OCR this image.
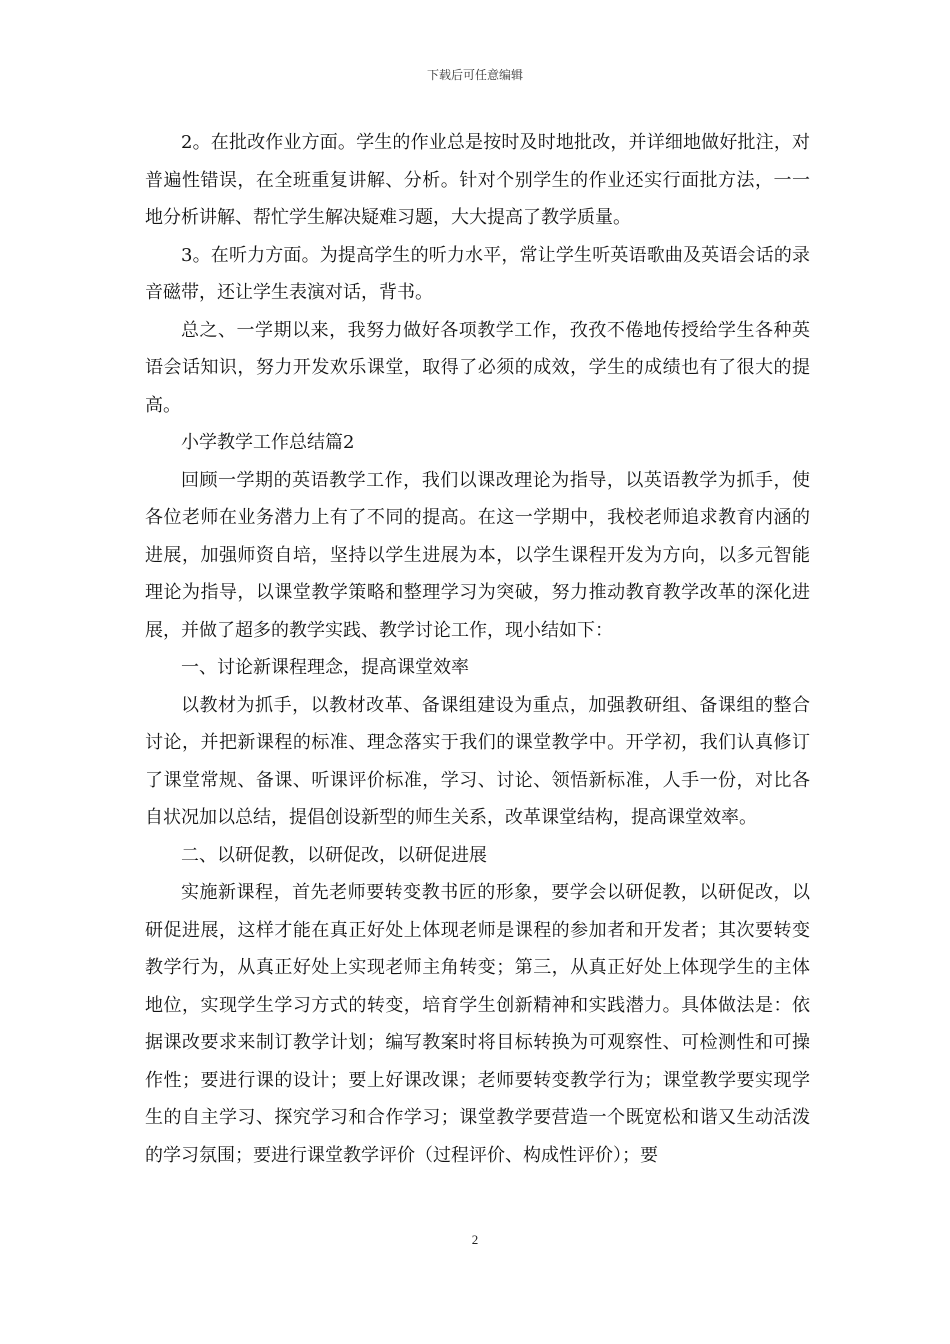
下载后可任意编辑

2。在批改作业方面。学生的作业总是按时及时地批改，并详细地做好批注，对普遍性错误，在全班重复讲解、分析。针对个别学生的作业还实行面批方法，一一地分析讲解、帮忙学生解决疑难习题，大大提高了教学质量。

3。在听力方面。为提高学生的听力水平，常让学生听英语歌曲及英语会话的录音磁带，还让学生表演对话，背书。

总之、一学期以来，我努力做好各项教学工作，孜孜不倦地传授给学生各种英语会话知识，努力开发欢乐课堂，取得了必须的成效，学生的成绩也有了很大的提高。

小学教学工作总结篇2

回顾一学期的英语教学工作，我们以课改理论为指导，以英语教学为抓手，使各位老师在业务潜力上有了不同的提高。在这一学期中，我校老师追求教育内涵的进展，加强师资自培，坚持以学生进展为本，以学生课程开发为方向，以多元智能理论为指导，以课堂教学策略和整理学习为突破，努力推动教育教学改革的深化进展，并做了超多的教学实践、教学讨论工作，现小结如下：

一、讨论新课程理念，提高课堂效率

以教材为抓手，以教材改革、备课组建设为重点，加强教研组、备课组的整合讨论，并把新课程的标准、理念落实于我们的课堂教学中。开学初，我们认真修订了课堂常规、备课、听课评价标准，学习、讨论、领悟新标准，人手一份，对比各自状况加以总结，提倡创设新型的师生关系，改革课堂结构，提高课堂效率。

二、以研促教，以研促改，以研促进展

实施新课程，首先老师要转变教书匠的形象，要学会以研促教，以研促改，以研促进展，这样才能在真正好处上体现老师是课程的参加者和开发者；其次要转变教学行为，从真正好处上实现老师主角转变；第三，从真正好处上体现学生的主体地位，实现学生学习方式的转变，培育学生创新精神和实践潜力。具体做法是：依据课改要求来制订教学计划；编写教案时将目标转换为可观察性、可检测性和可操作性；要进行课的设计；要上好课改课；老师要转变教学行为；课堂教学要实现学生的自主学习、探究学习和合作学习；课堂教学要营造一个既宽松和谐又生动活泼的学习氛围；要进行课堂教学评价（过程评价、构成性评价）；要

2
